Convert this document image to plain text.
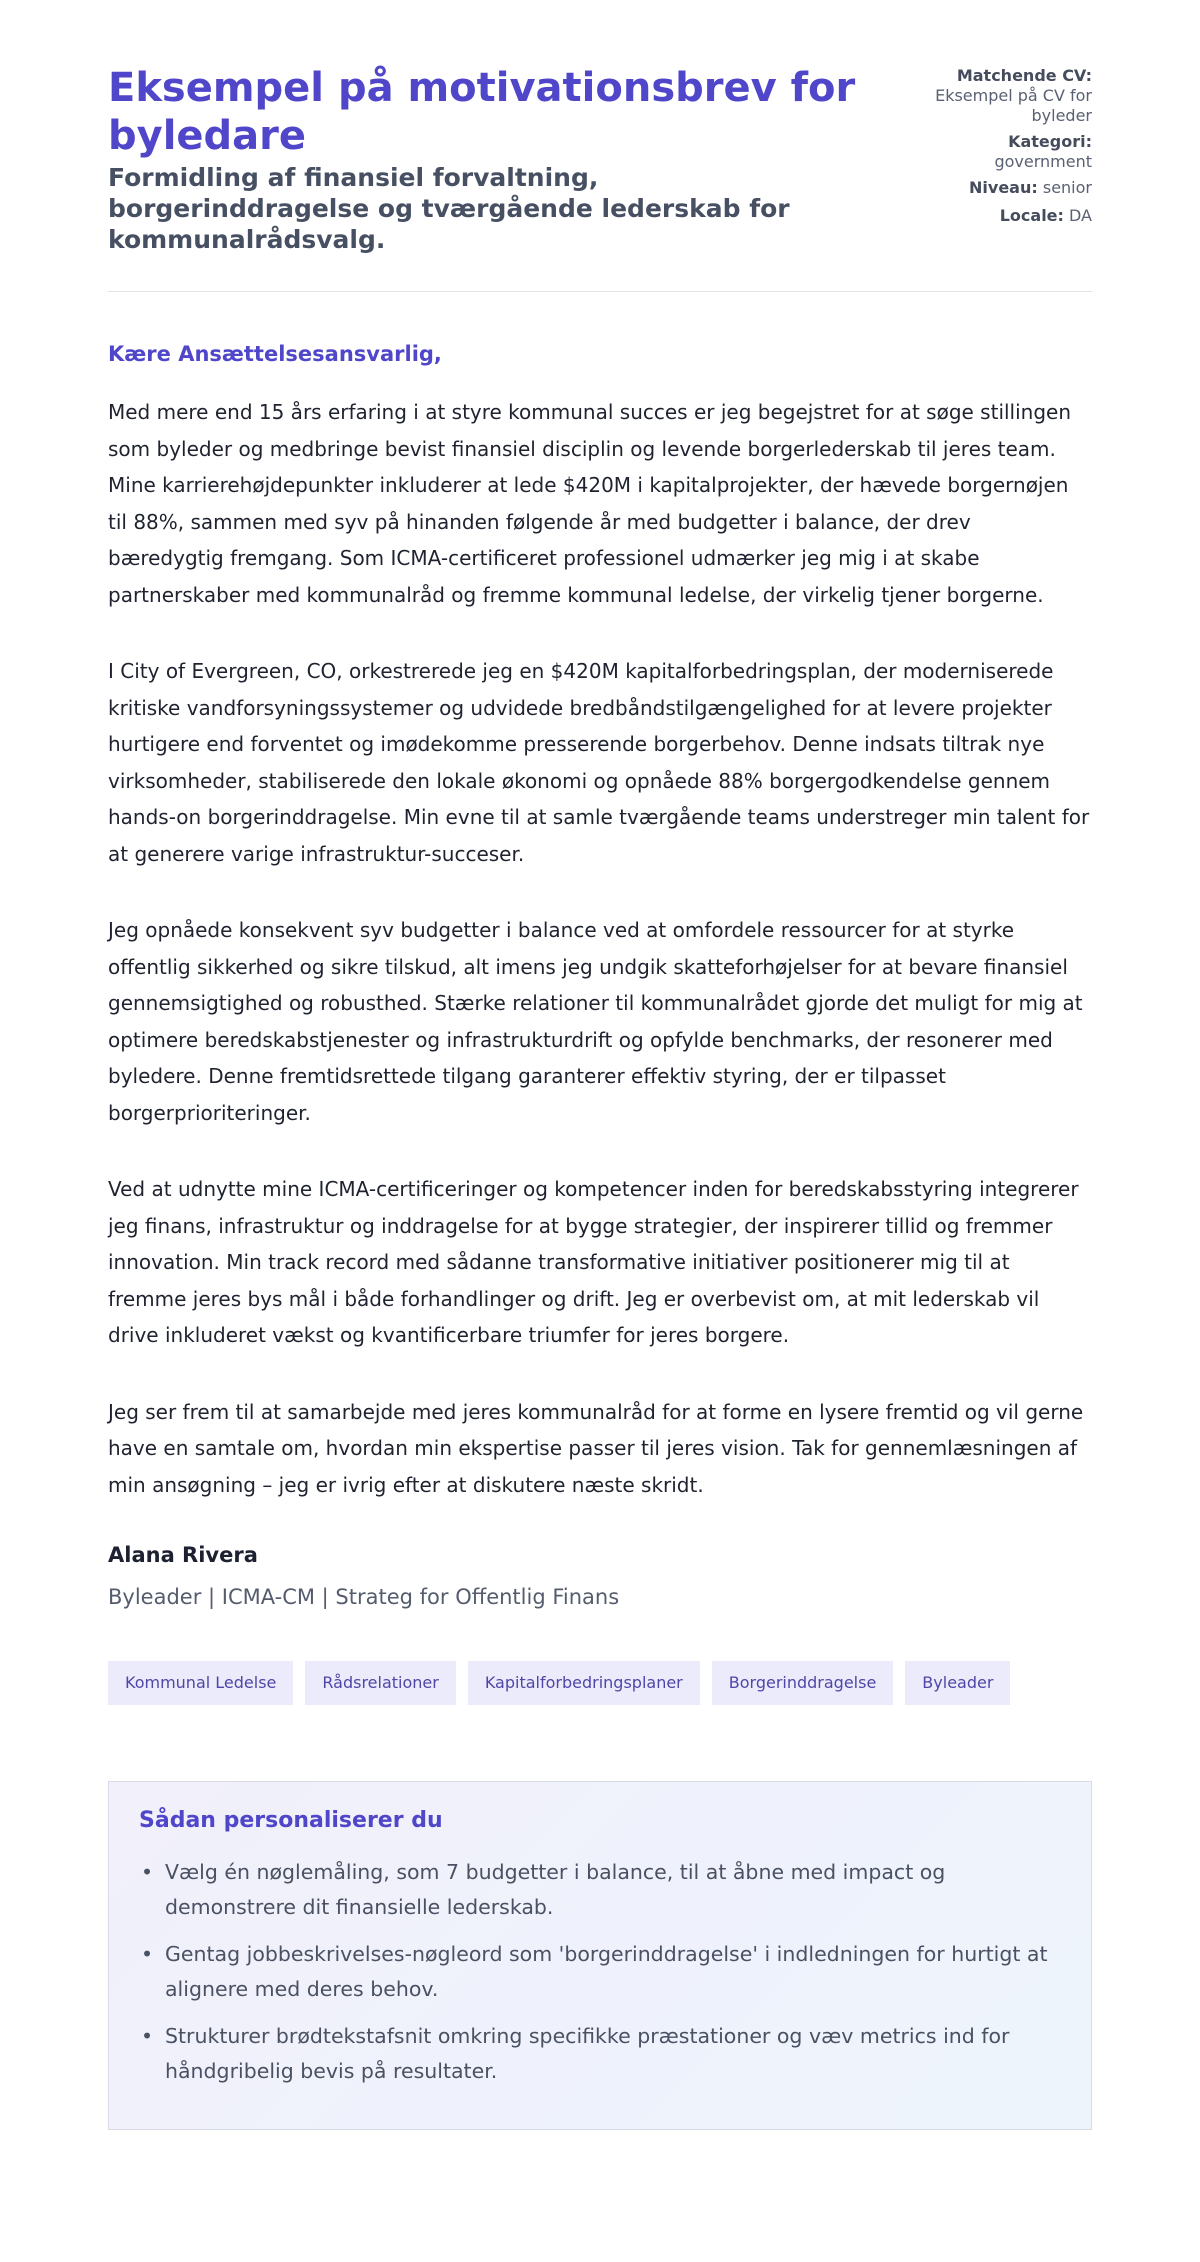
Eksempel på motivationsbrev for byledare
Formidling af finansiel forvaltning, borgerinddragelse og tværgående lederskab for kommunalrådsvalg.
Matchende CV:
Eksempel på CV for byleder
Kategori:
government
Niveau: senior
Locale: DA
Kære Ansættelsesansvarlig,

Med mere end 15 års erfaring i at styre kommunal succes er jeg begejstret for at søge stillingen som byleder og medbringe bevist finansiel disciplin og levende borgerlederskab til jeres team. Mine karrierehøjdepunkter inkluderer at lede $420M i kapitalprojekter, der hævede borgernøjen til 88%, sammen med syv på hinanden følgende år med budgetter i balance, der drev bæredygtig fremgang. Som ICMA-certificeret professionel udmærker jeg mig i at skabe partnerskaber med kommunalråd og fremme kommunal ledelse, der virkelig tjener borgerne.

I City of Evergreen, CO, orkestrerede jeg en $420M kapitalforbedringsplan, der moderniserede kritiske vandforsyningssystemer og udvidede bredbåndstilgængelighed for at levere projekter hurtigere end forventet og imødekomme presserende borgerbehov. Denne indsats tiltrak nye virksomheder, stabiliserede den lokale økonomi og opnåede 88% borgergodkendelse gennem hands-on borgerinddragelse. Min evne til at samle tværgående teams understreger min talent for at generere varige infrastruktur-succeser.

Jeg opnåede konsekvent syv budgetter i balance ved at omfordele ressourcer for at styrke offentlig sikkerhed og sikre tilskud, alt imens jeg undgik skatteforhøjelser for at bevare finansiel gennemsigtighed og robusthed. Stærke relationer til kommunalrådet gjorde det muligt for mig at optimere beredskabstjenester og infrastrukturdrift og opfylde benchmarks, der resonerer med byledere. Denne fremtidsrettede tilgang garanterer effektiv styring, der er tilpasset borgerprioriteringer.

Ved at udnytte mine ICMA-certificeringer og kompetencer inden for beredskabsstyring integrerer jeg finans, infrastruktur og inddragelse for at bygge strategier, der inspirerer tillid og fremmer innovation. Min track record med sådanne transformative initiativer positionerer mig til at fremme jeres bys mål i både forhandlinger og drift. Jeg er overbevist om, at mit lederskab vil drive inkluderet vækst og kvantificerbare triumfer for jeres borgere.

Jeg ser frem til at samarbejde med jeres kommunalråd for at forme en lysere fremtid og vil gerne have en samtale om, hvordan min ekspertise passer til jeres vision. Tak for gennemlæsningen af min ansøgning – jeg er ivrig efter at diskutere næste skridt.

Alana Rivera
Byleader | ICMA-CM | Strateg for Offentlig Finans
Kommunal Ledelse	Rådsrelationer	Kapitalforbedringsplaner	Borgerinddragelse	Byleader
Sådan personaliserer du
• Vælg én nøglemåling, som 7 budgetter i balance, til at åbne med impact og demonstrere dit finansielle lederskab.
• Gentag jobbeskrivelses-nøgleord som 'borgerinddragelse' i indledningen for hurtigt at alignere med deres behov.
• Strukturer brødtekstafsnit omkring specifikke præstationer og væv metrics ind for håndgribelig bevis på resultater.
